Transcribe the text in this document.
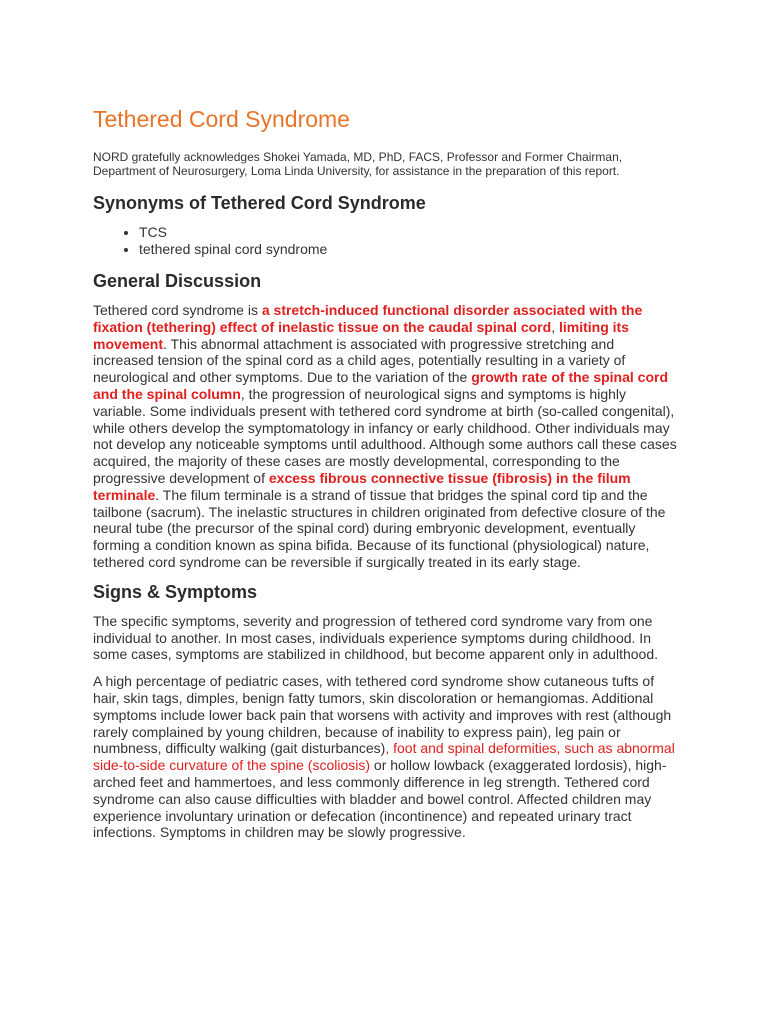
Tethered Cord Syndrome

NORD gratefully acknowledges Shokei Yamada, MD, PhD, FACS, Professor and Former Chairman, Department of Neurosurgery, Loma Linda University, for assistance in the preparation of this report.

Synonyms of Tethered Cord Syndrome
• TCS
• tethered spinal cord syndrome
General Discussion

Tethered cord syndrome is a stretch-induced functional disorder associated with the fixation (tethering) effect of inelastic tissue on the caudal spinal cord, limiting its movement. This abnormal attachment is associated with progressive stretching and increased tension of the spinal cord as a child ages, potentially resulting in a variety of neurological and other symptoms. Due to the variation of the growth rate of the spinal cord and the spinal column, the progression of neurological signs and symptoms is highly variable. Some individuals present with tethered cord syndrome at birth (so-called congenital), while others develop the symptomatology in infancy or early childhood. Other individuals may not develop any noticeable symptoms until adulthood. Although some authors call these cases acquired, the majority of these cases are mostly developmental, corresponding to the progressive development of excess fibrous connective tissue (fibrosis) in the filum terminale. The filum terminale is a strand of tissue that bridges the spinal cord tip and the tailbone (sacrum). The inelastic structures in children originated from defective closure of the neural tube (the precursor of the spinal cord) during embryonic development, eventually forming a condition known as spina bifida. Because of its functional (physiological) nature, tethered cord syndrome can be reversible if surgically treated in its early stage.

Signs & Symptoms

The specific symptoms, severity and progression of tethered cord syndrome vary from one individual to another. In most cases, individuals experience symptoms during childhood. In some cases, symptoms are stabilized in childhood, but become apparent only in adulthood.

A high percentage of pediatric cases, with tethered cord syndrome show cutaneous tufts of hair, skin tags, dimples, benign fatty tumors, skin discoloration or hemangiomas. Additional symptoms include lower back pain that worsens with activity and improves with rest (although rarely complained by young children, because of inability to express pain), leg pain or numbness, difficulty walking (gait disturbances), foot and spinal deformities, such as abnormal side-to-side curvature of the spine (scoliosis) or hollow lowback (exaggerated lordosis), high-arched feet and hammertoes, and less commonly difference in leg strength. Tethered cord syndrome can also cause difficulties with bladder and bowel control. Affected children may experience involuntary urination or defecation (incontinence) and repeated urinary tract infections. Symptoms in children may be slowly progressive.
